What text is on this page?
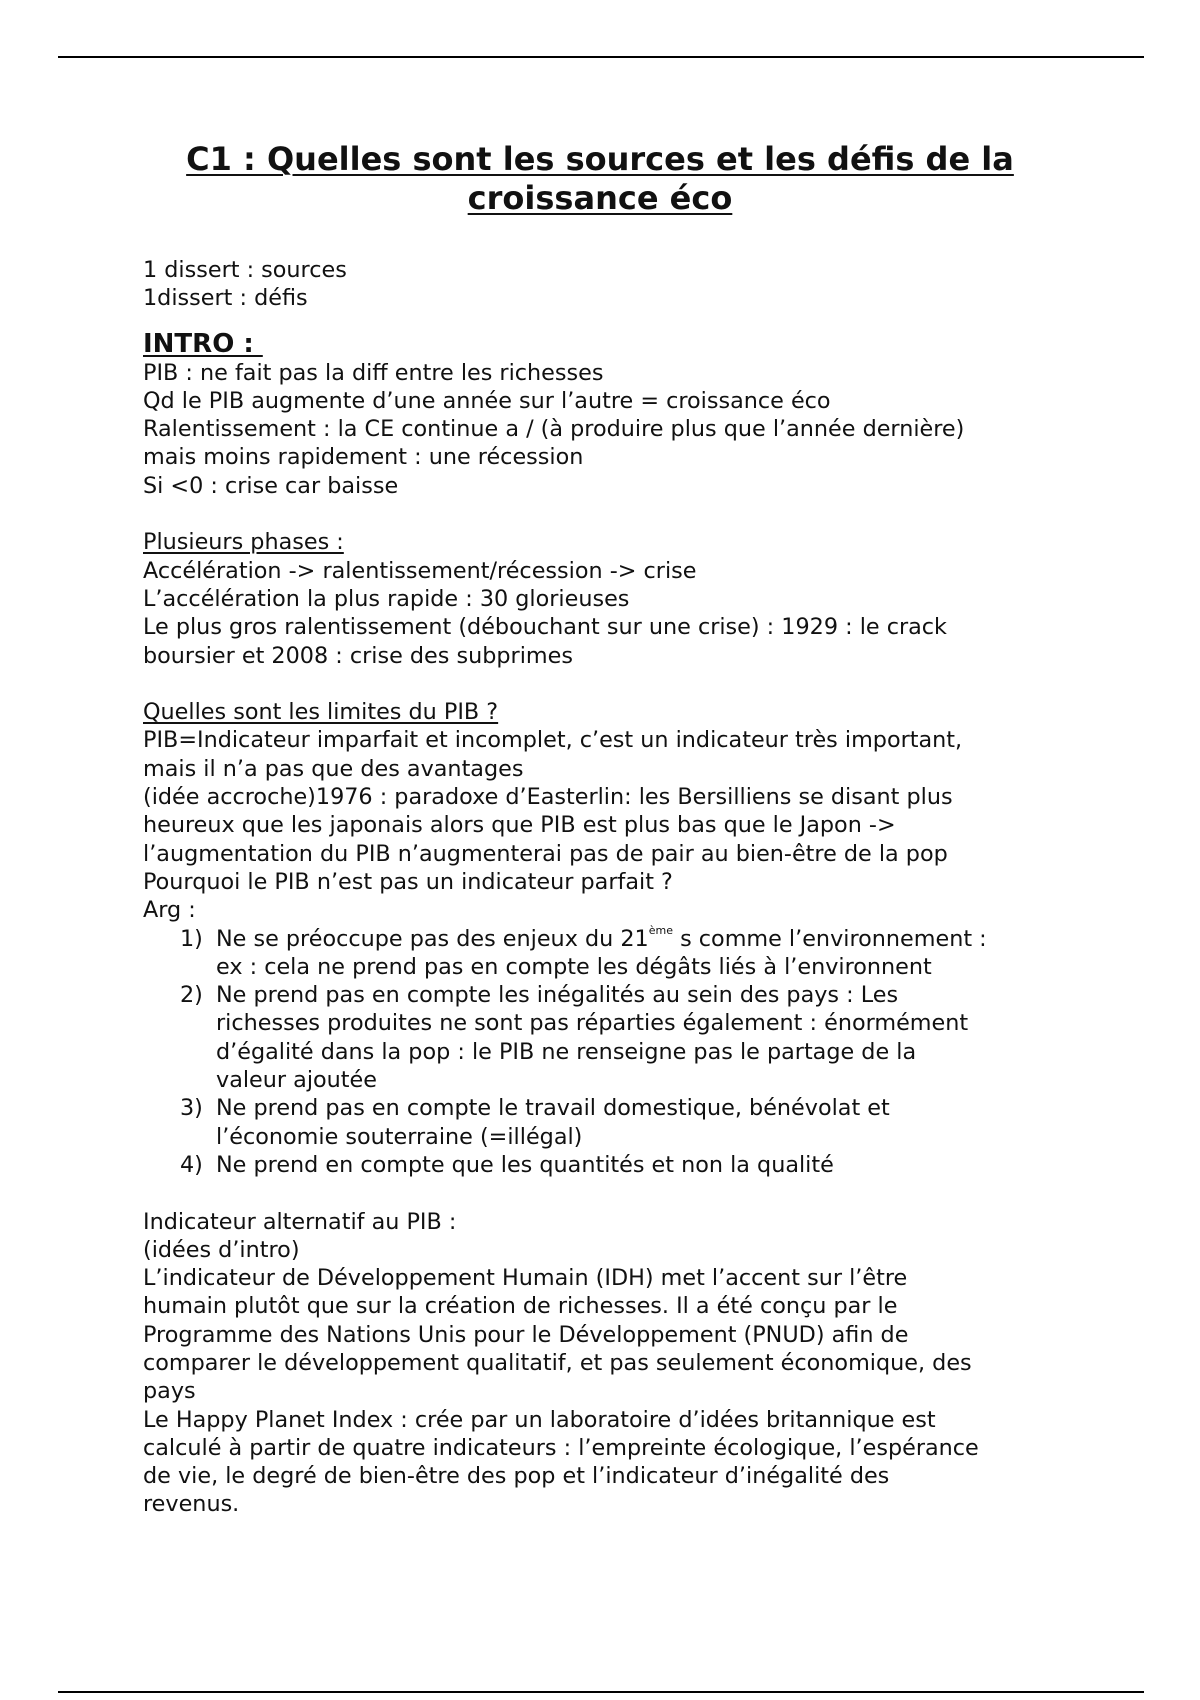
C1 : Quelles sont les sources et les défis de la
croissance éco
1 dissert : sources
1dissert : défis
INTRO :
PIB : ne fait pas la diff entre les richesses
Qd le PIB augmente d’une année sur l’autre = croissance éco
Ralentissement : la CE continue a / (à produire plus que l’année dernière)
mais moins rapidement : une récession
Si <0 : crise car baisse
Plusieurs phases :
Accélération -> ralentissement/récession -> crise
L’accélération la plus rapide : 30 glorieuses
Le plus gros ralentissement (débouchant sur une crise) : 1929 : le crack
boursier et 2008 : crise des subprimes
Quelles sont les limites du PIB ?
PIB=Indicateur imparfait et incomplet, c’est un indicateur très important,
mais il n’a pas que des avantages
(idée accroche)1976 : paradoxe d’Easterlin: les Bersilliens se disant plus
heureux que les japonais alors que PIB est plus bas que le Japon ->
l’augmentation du PIB n’augmenterai pas de pair au bien-être de la pop
Pourquoi le PIB n’est pas un indicateur parfait ?
Arg :
1) Ne se préoccupe pas des enjeux du 21ème s comme l’environnement :
ex : cela ne prend pas en compte les dégâts liés à l’environnent
2) Ne prend pas en compte les inégalités au sein des pays : Les
richesses produites ne sont pas réparties également : énormément
d’égalité dans la pop : le PIB ne renseigne pas le partage de la
valeur ajoutée
3) Ne prend pas en compte le travail domestique, bénévolat et
l’économie souterraine (=illégal)
4) Ne prend en compte que les quantités et non la qualité
Indicateur alternatif au PIB :
(idées d’intro)
L’indicateur de Développement Humain (IDH) met l’accent sur l’être
humain plutôt que sur la création de richesses. Il a été conçu par le
Programme des Nations Unis pour le Développement (PNUD) afin de
comparer le développement qualitatif, et pas seulement économique, des
pays
Le Happy Planet Index : crée par un laboratoire d’idées britannique est
calculé à partir de quatre indicateurs : l’empreinte écologique, l’espérance
de vie, le degré de bien-être des pop et l’indicateur d’inégalité des
revenus.
